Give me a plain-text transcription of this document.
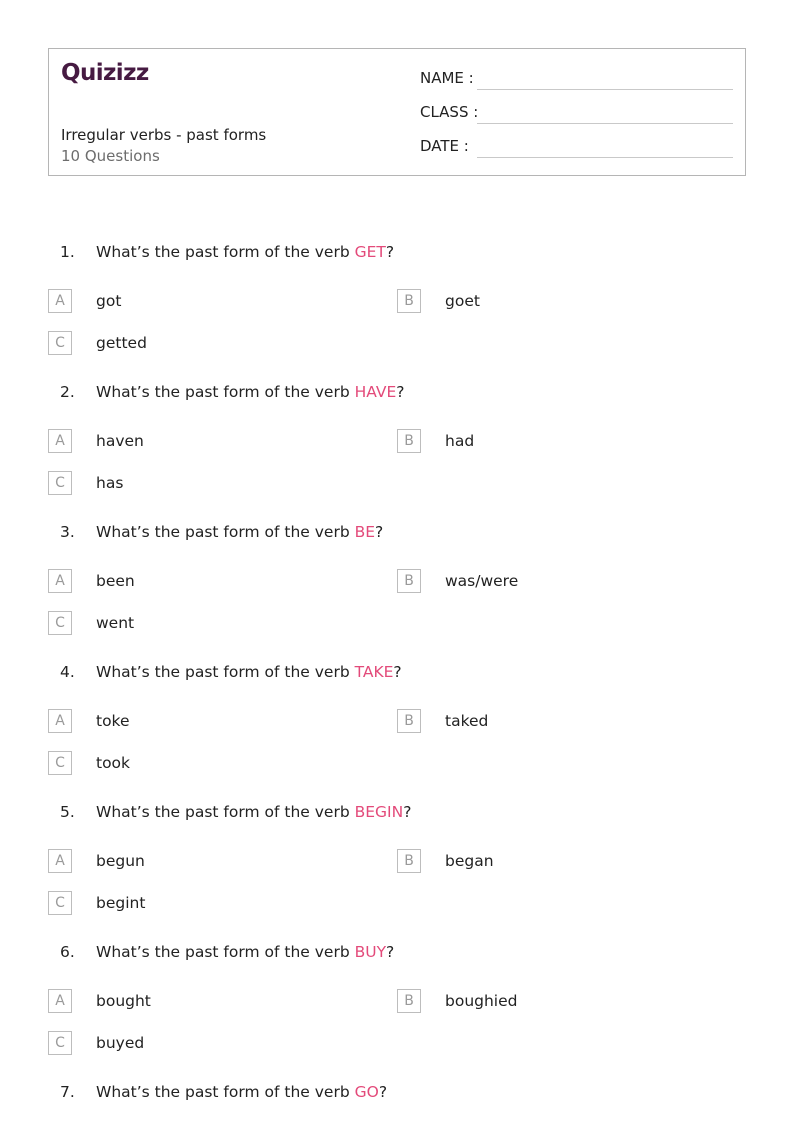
Quizizz
Irregular verbs - past forms
10 Questions
NAME :
CLASS :
DATE :
1. What’s the past form of the verb GET?
A	got	B	goet
C	getted
2. What’s the past form of the verb HAVE?
A	haven	B	had
C	has
3. What’s the past form of the verb BE?
A	been	B	was/were
C	went
4. What’s the past form of the verb TAKE?
A	toke	B	taked
C	took
5. What’s the past form of the verb BEGIN?
A	begun	B	began
C	begint
6. What’s the past form of the verb BUY?
A	bought	B	boughied
C	buyed
7. What’s the past form of the verb GO?
